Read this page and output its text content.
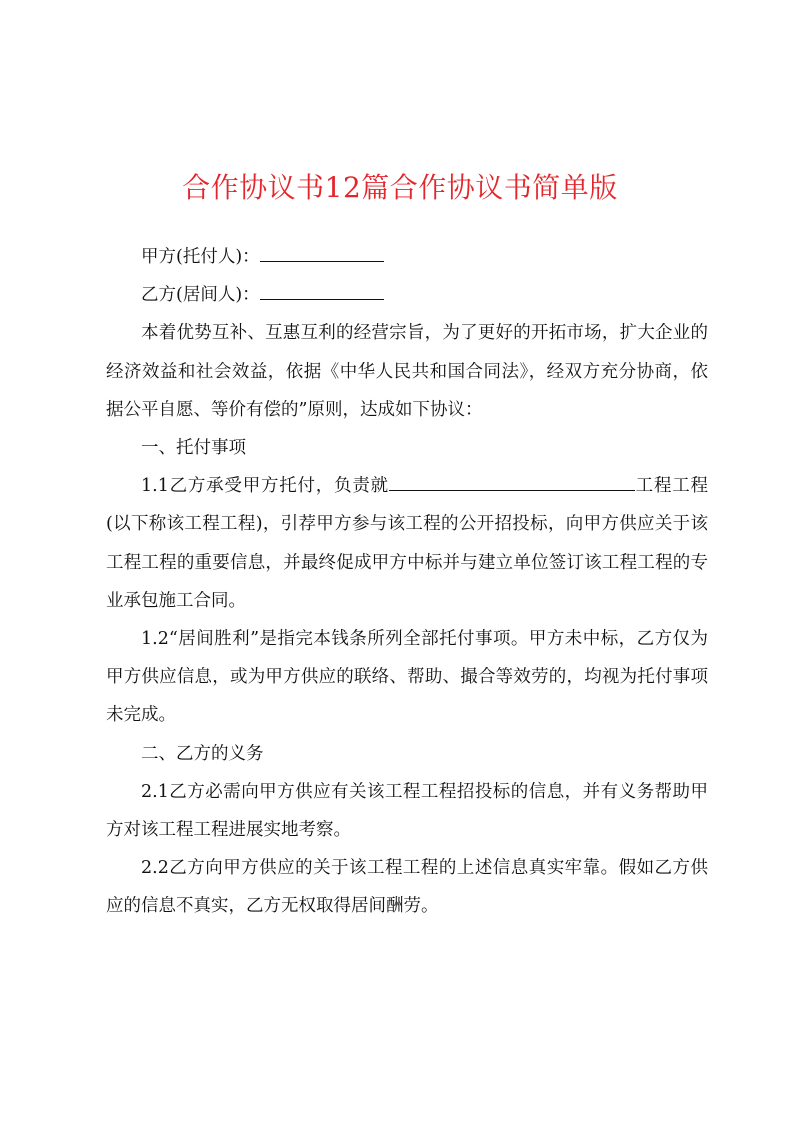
合作协议书12篇合作协议书简单版

甲方(托付人)：

乙方(居间人)：

本着优势互补、互惠互利的经营宗旨，为了更好的开拓市场，扩大企业的经济效益和社会效益，依据《中华人民共和国合同法》，经双方充分协商，依据公平自愿、等价有偿的”原则，达成如下协议：

一、托付事项

1.1乙方承受甲方托付，负责就	工程工程(以下称该工程工程)，引荐甲方参与该工程的公开招投标，向甲方供应关于该工程工程的重要信息，并最终促成甲方中标并与建立单位签订该工程工程的专业承包施工合同。

1.2“居间胜利”是指完本钱条所列全部托付事项。甲方未中标，乙方仅为甲方供应信息，或为甲方供应的联络、帮助、撮合等效劳的，均视为托付事项未完成。

二、乙方的义务

2.1乙方必需向甲方供应有关该工程工程招投标的信息，并有义务帮助甲方对该工程工程进展实地考察。

2.2乙方向甲方供应的关于该工程工程的上述信息真实牢靠。假如乙方供应的信息不真实，乙方无权取得居间酬劳。
